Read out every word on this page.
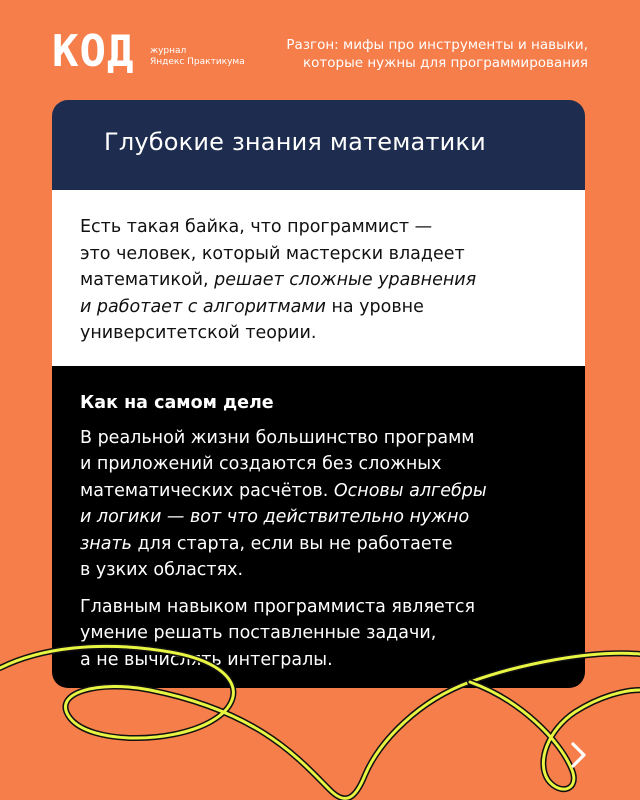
КОД журнал
Яндекс Практикума
Разгон: мифы про инструменты и навыки,
которые нужны для программирования
Глубокие знания математики
Есть такая байка, что программист —
это человек, который мастерски владеет
математикой, решает сложные уравнения
и работает с алгоритмами на уровне
университетской теории.
Как на самом деле
В реальной жизни большинство программ
и приложений создаются без сложных
математических расчётов. Основы алгебры
и логики — вот что действительно нужно
знать для старта, если вы не работаете
в узких областях.
Главным навыком программиста является
умение решать поставленные задачи,
а не вычислять интегралы.
